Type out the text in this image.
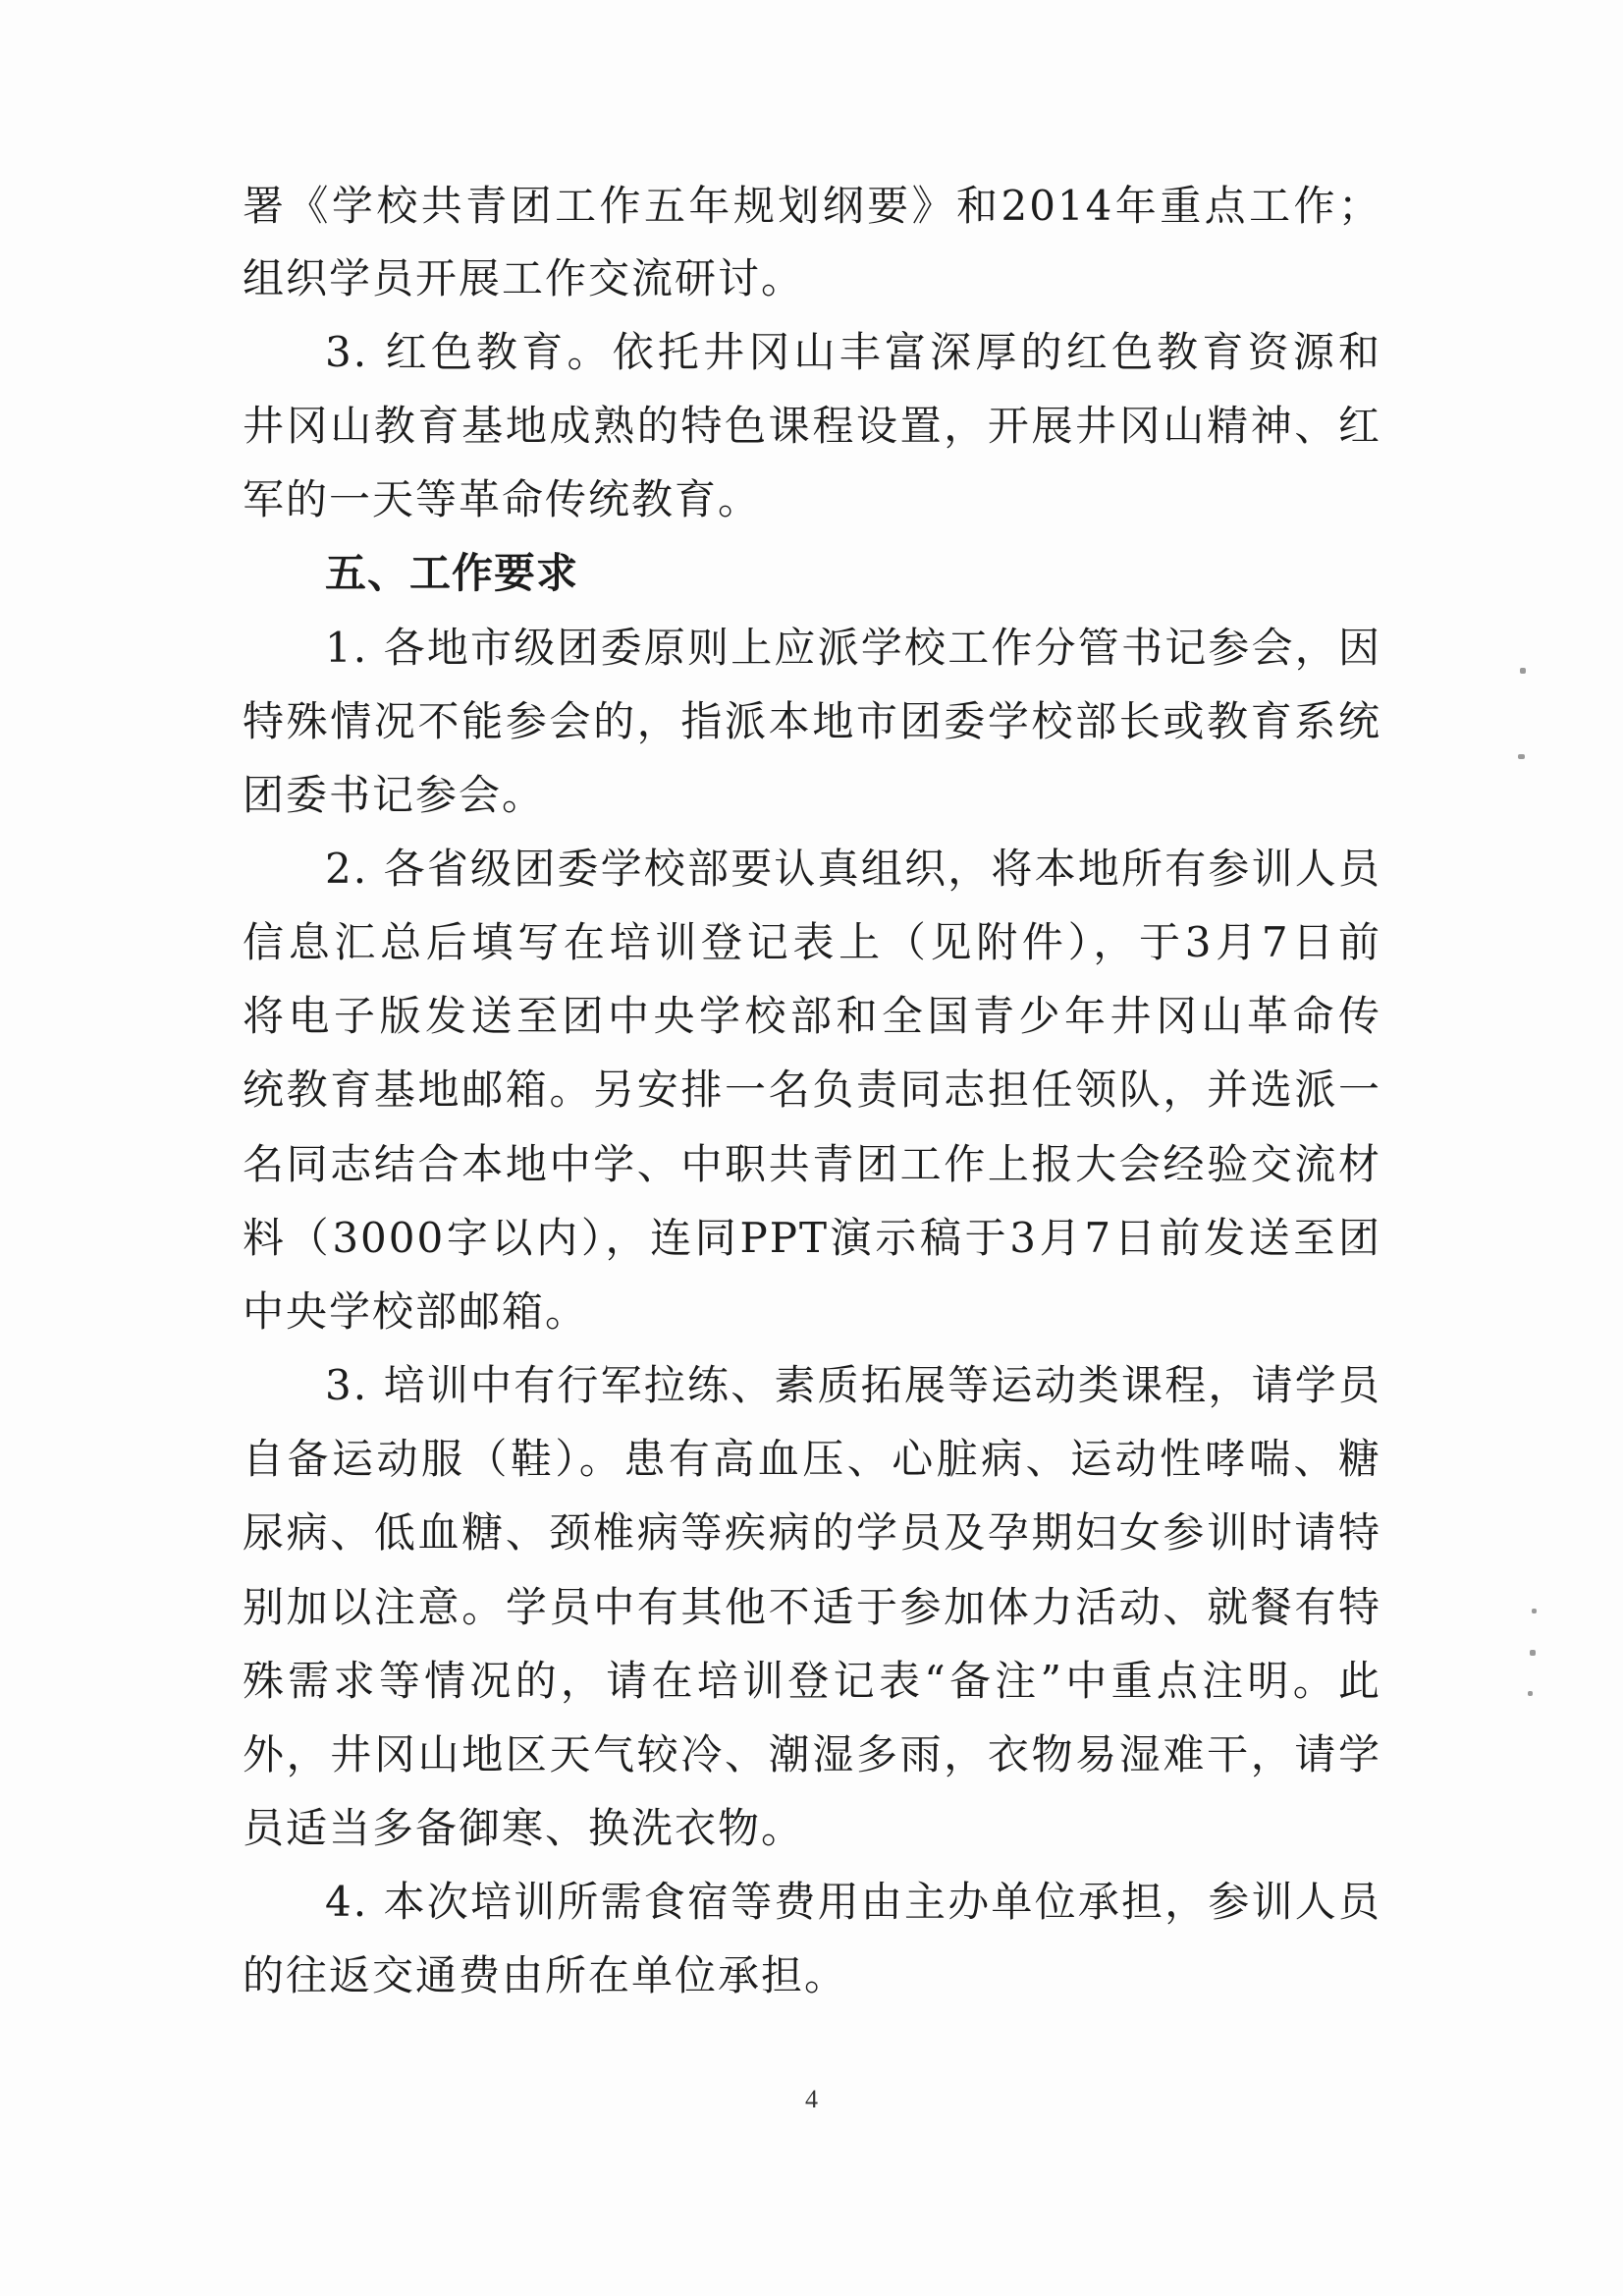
署《学校共青团工作五年规划纲要》和2014年重点工作；
组织学员开展工作交流研讨。
3. 红色教育。依托井冈山丰富深厚的红色教育资源和
井冈山教育基地成熟的特色课程设置，开展井冈山精神、红
军的一天等革命传统教育。
五、工作要求
1. 各地市级团委原则上应派学校工作分管书记参会，因
特殊情况不能参会的，指派本地市团委学校部长或教育系统
团委书记参会。
2. 各省级团委学校部要认真组织，将本地所有参训人员
信息汇总后填写在培训登记表上（见附件），于3月7日前
将电子版发送至团中央学校部和全国青少年井冈山革命传
统教育基地邮箱。另安排一名负责同志担任领队，并选派一
名同志结合本地中学、中职共青团工作上报大会经验交流材
料（3000字以内），连同PPT演示稿于3月7日前发送至团
中央学校部邮箱。
3. 培训中有行军拉练、素质拓展等运动类课程，请学员
自备运动服（鞋）。患有高血压、心脏病、运动性哮喘、糖
尿病、低血糖、颈椎病等疾病的学员及孕期妇女参训时请特
别加以注意。学员中有其他不适于参加体力活动、就餐有特
殊需求等情况的，请在培训登记表“备注”中重点注明。此
外，井冈山地区天气较冷、潮湿多雨，衣物易湿难干，请学
员适当多备御寒、换洗衣物。
4. 本次培训所需食宿等费用由主办单位承担，参训人员
的往返交通费由所在单位承担。
4
